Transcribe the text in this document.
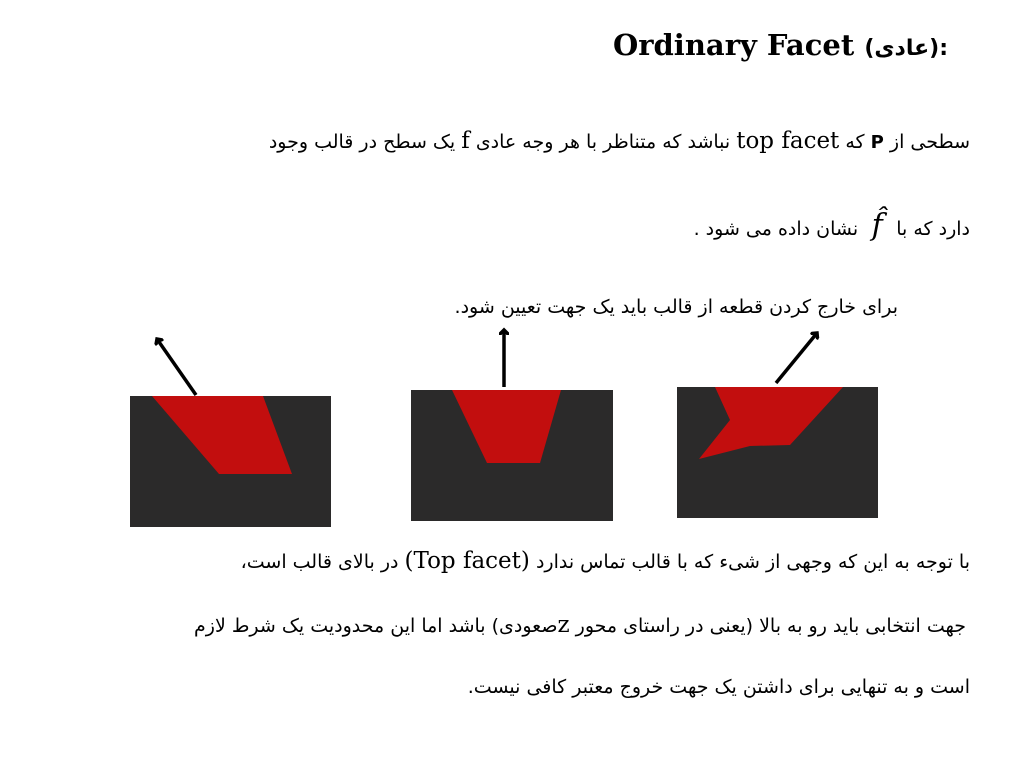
Ordinary Facet (عادی):
سطحی از P که top facet نباشد که متناظر با هر وجه عادی f یک سطح در قالب وجود
دارد که با f̂ نشان داده می شود .
برای خارج کردن قطعه از قالب باید یک جهت تعیین شود.
با توجه به این که وجهی از شیء که با قالب تماس ندارد (Top facet) در بالای قالب است،
جهت انتخابی باید رو به بالا (یعنی در راستای محور zصعودی) باشد اما این محدودیت یک شرط لازم
است و به تنهایی برای داشتن یک جهت خروج معتبر کافی نیست.
